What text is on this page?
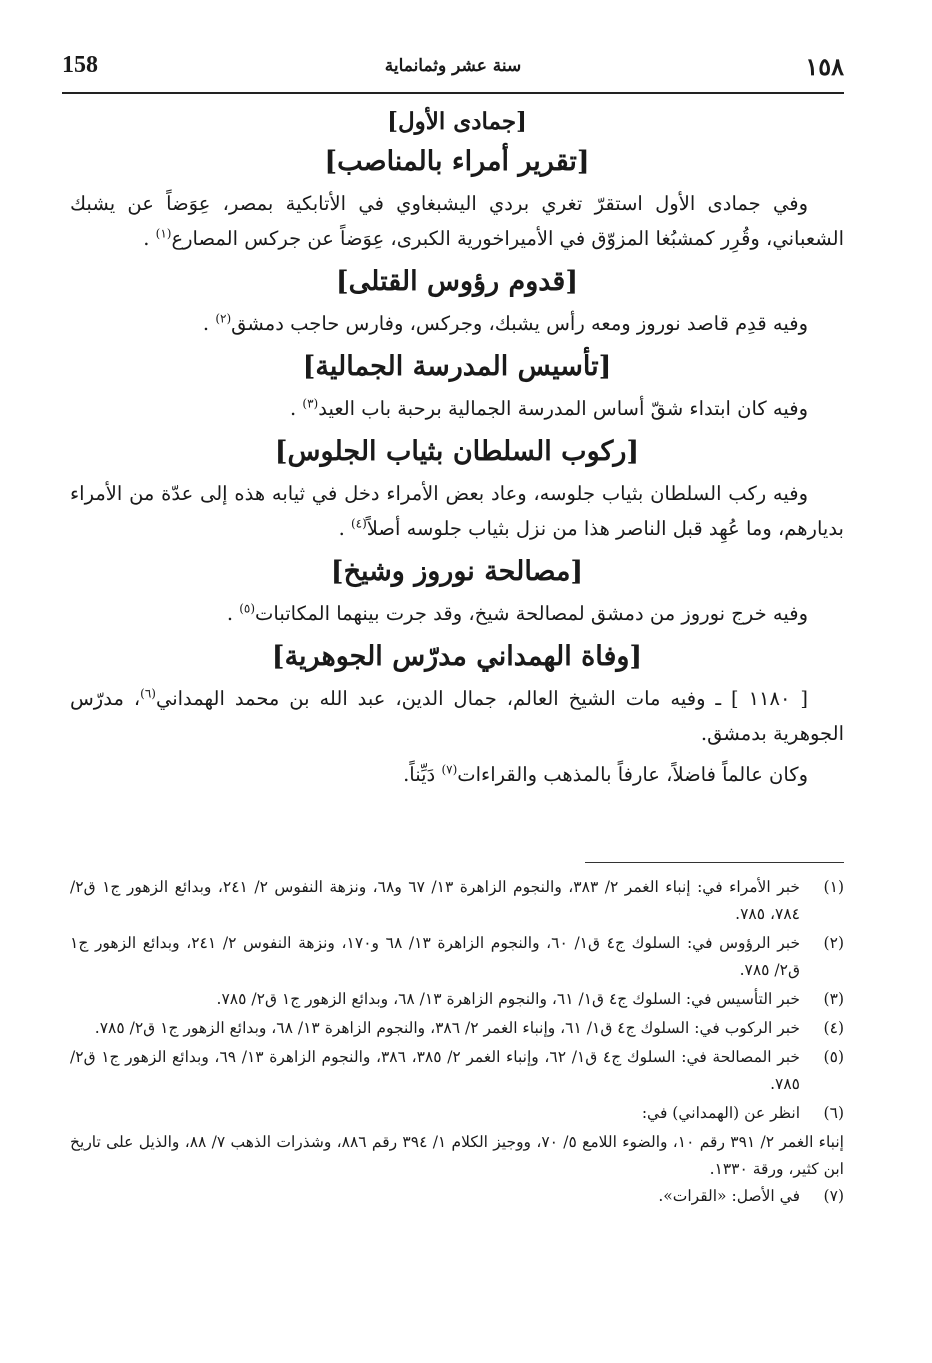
158	سنة عشر وثمانماية	١٥٨
[جمادى الأول]
[تقرير أمراء بالمناصب]

وفي جمادى الأول استقرّ تغري بردي اليشبغاوي في الأتابكية بمصر، عِوَضاً عن يشبك الشعباني، وقُرِر كمشبُغا المزوّق في الأميراخورية الكبرى، عِوَضاً عن جركس المصارع$^{(١)}$ .

[قدوم رؤوس القتلى]

وفيه قدِم قاصد نوروز ومعه رأس يشبك، وجركس، وفارس حاجب دمشق$^{(٢)}$ .

[تأسيس المدرسة الجمالية]

وفيه كان ابتداء شقّ أساس المدرسة الجمالية برحبة باب العيد$^{(٣)}$ .

[ركوب السلطان بثياب الجلوس]

وفيه ركب السلطان بثياب جلوسه، وعاد بعض الأمراء دخل في ثيابه هذه إلى عدّة من الأمراء بديارهم، وما عُهِد قبل الناصر هذا من نزل بثياب جلوسه أصلاً$^{(٤)}$ .

[مصالحة نوروز وشيخ]

وفيه خرج نوروز من دمشق لمصالحة شيخ، وقد جرت بينهما المكاتبات$^{(٥)}$ .

[وفاة الهمداني مدرّس الجوهرية]

[ ١١٨٠ ] ـ وفيه مات الشيخ العالم، جمال الدين، عبد الله بن محمد الهمداني$^{(٦)}$، مدرّس الجوهرية بدمشق.

وكان عالماً فاضلاً، عارفاً بالمذهب والقراءات$^{(٧)}$ دَيِّناً.

(١)
خبر الأمراء في: إنباء الغمر ٢/ ٣٨٣، والنجوم الزاهرة ١٣/ ٦٧ و٦٨، ونزهة النفوس ٢/ ٢٤١، وبدائع الزهور ج١ ق٢/ ٧٨٤، ٧٨٥.
(٢)
خبر الرؤوس في: السلوك ج٤ ق١/ ٦٠، والنجوم الزاهرة ١٣/ ٦٨ و١٧٠، ونزهة النفوس ٢/ ٢٤١، وبدائع الزهور ج١ ق٢/ ٧٨٥.
(٣)
خبر التأسيس في: السلوك ج٤ ق١/ ٦١، والنجوم الزاهرة ١٣/ ٦٨، وبدائع الزهور ج١ ق٢/ ٧٨٥.
(٤)
خبر الركوب في: السلوك ج٤ ق١/ ٦١، وإنباء الغمر ٢/ ٣٨٦، والنجوم الزاهرة ١٣/ ٦٨، وبدائع الزهور ج١ ق٢/ ٧٨٥.
(٥)
خبر المصالحة في: السلوك ج٤ ق١/ ٦٢، وإنباء الغمر ٢/ ٣٨٥، ٣٨٦، والنجوم الزاهرة ١٣/ ٦٩، وبدائع الزهور ج١ ق٢/ ٧٨٥.
(٦)
انظر عن (الهمداني) في:
إنباء الغمر ٢/ ٣٩١ رقم ١٠، والضوء اللامع ٥/ ٧٠، ووجيز الكلام ١/ ٣٩٤ رقم ٨٨٦، وشذرات الذهب ٧/ ٨٨، والذيل على تاريخ ابن كثير، ورقة ١٣٣٠.
(٧)
في الأصل: «القرات».
